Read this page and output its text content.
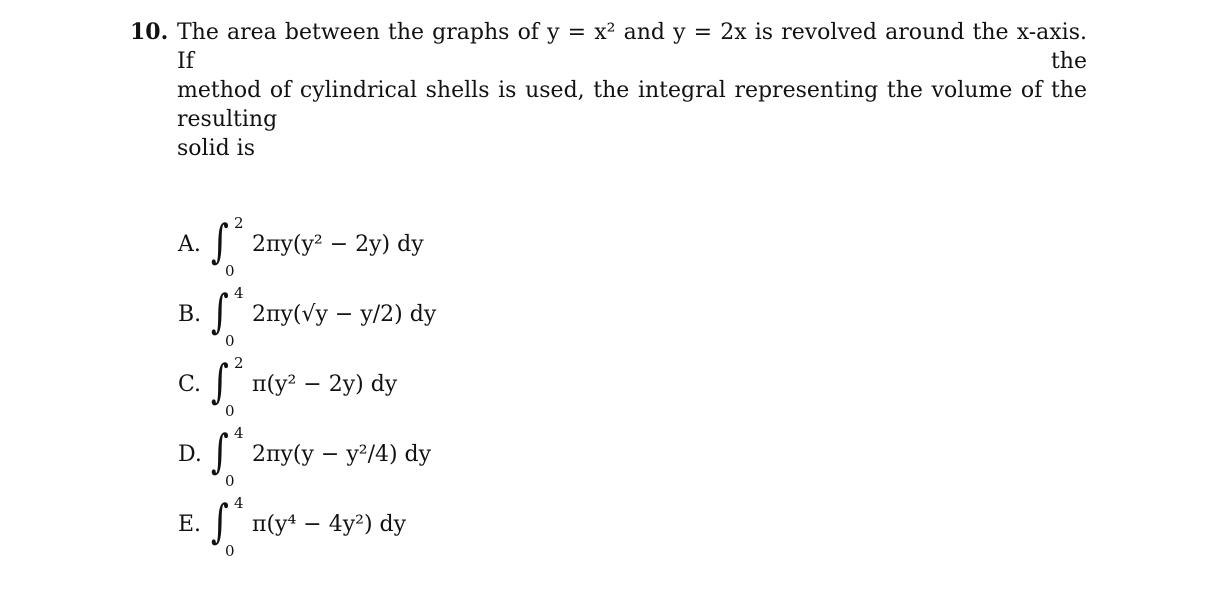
10. The area between the graphs of y = x² and y = 2x is revolved around the x-axis. If the
method of cylindrical shells is used, the integral representing the volume of the resulting
solid is
A. ∫ 2
0
2πy(y² − 2y) dy
B. ∫ 4
0
2πy(√y − y/2) dy
C. ∫ 2
0
π(y² − 2y) dy
D. ∫ 4
0
2πy(y − y²/4) dy
E. ∫ 4
0
π(y⁴ − 4y²) dy
